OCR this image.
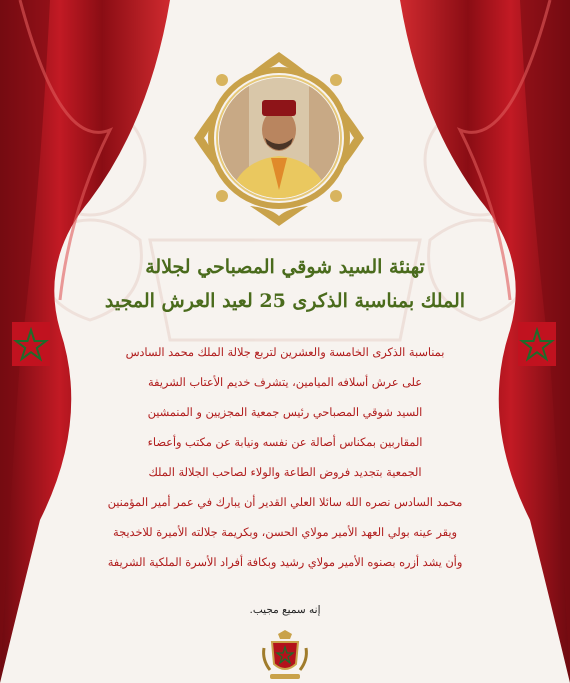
تهنئة السيد شوقي المصباحي لجلالة
الملك بمناسبة الذكرى 25 لعيد العرش المجيد
بمناسبة الذكرى الخامسة والعشرين لتربع جلالة الملك محمد السادس
على عرش أسلافه الميامين، يتشرف خديم الأعتاب الشريفة
السيد شوقي المصباحي رئيس جمعية المجزيين و المنمشين
المقاربين بمكناس أصالة عن نفسه ونيابة عن مكتب وأعضاء
الجمعية بتجديد فروض الطاعة والولاء لصاحب الجلالة الملك
محمد السادس نصره الله سائلا العلي القدير أن يبارك في عمر أمير المؤمنين
ويقر عينه بولي العهد الأمير مولاي الحسن، وبكريمة جلالته الأميرة للاخديجة
وأن يشد أزره بصنوه الأمير مولاي رشيد وبكافة أفراد الأسرة الملكية الشريفة
إنه سميع مجيب.
